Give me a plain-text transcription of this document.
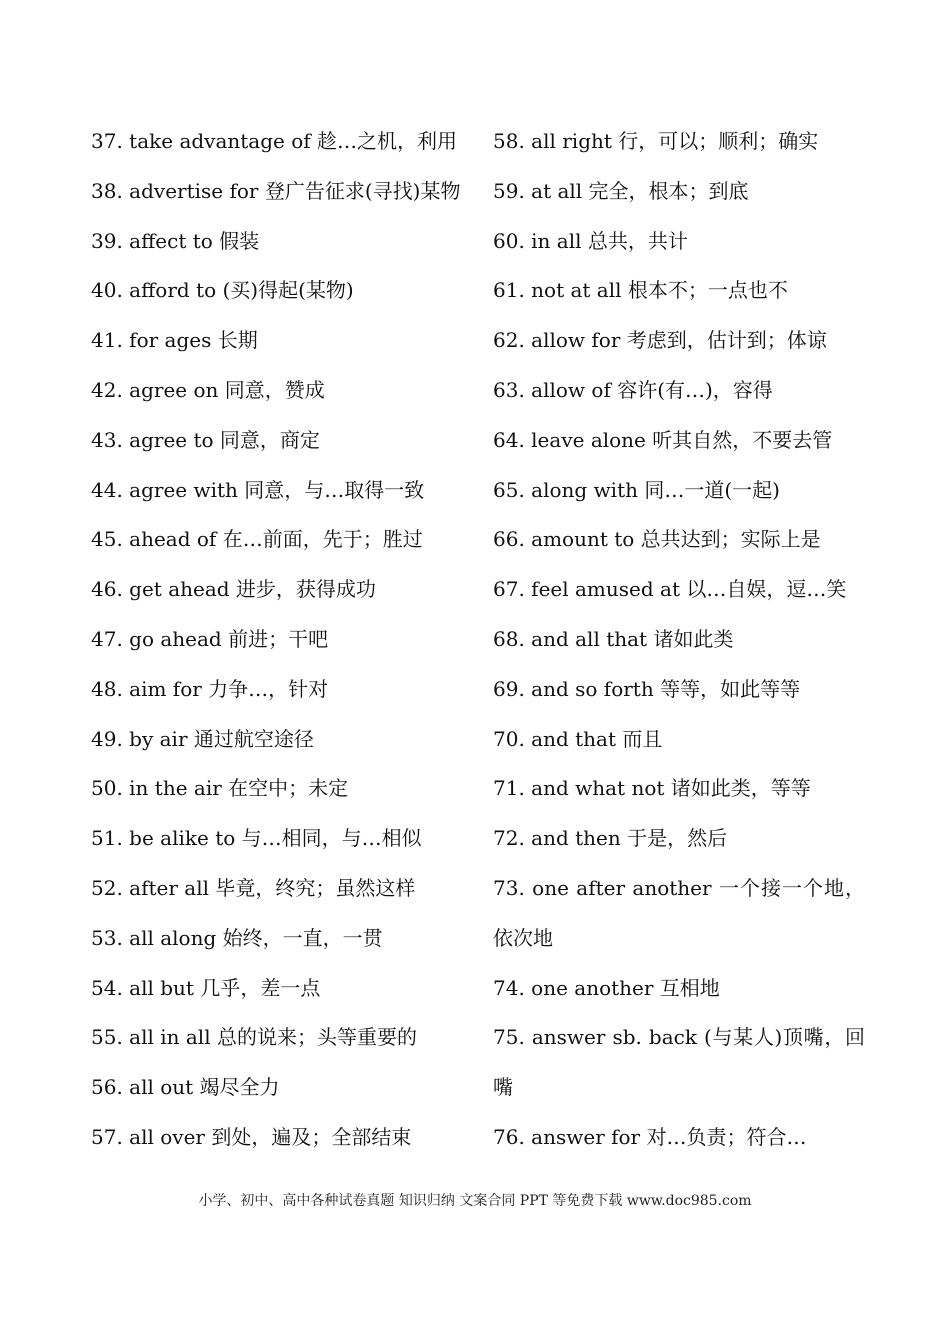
37. take advantage of 趁…之机，利用
38. advertise for 登广告征求(寻找)某物
39. affect to 假装
40. afford to (买)得起(某物)
41. for ages 长期
42. agree on 同意，赞成
43. agree to 同意，商定
44. agree with 同意，与…取得一致
45. ahead of 在…前面，先于；胜过
46. get ahead 进步，获得成功
47. go ahead 前进；干吧
48. aim for 力争…，针对
49. by air 通过航空途径
50. in the air 在空中；未定
51. be alike to 与…相同，与…相似
52. after all 毕竟，终究；虽然这样
53. all along 始终，一直，一贯
54. all but 几乎，差一点
55. all in all 总的说来；头等重要的
56. all out 竭尽全力
57. all over 到处，遍及；全部结束
58. all right 行，可以；顺利；确实
59. at all 完全，根本；到底
60. in all 总共，共计
61. not at all 根本不；一点也不
62. allow for 考虑到，估计到；体谅
63. allow of 容许(有…)，容得
64. leave alone 听其自然，不要去管
65. along with 同…一道(一起)
66. amount to 总共达到；实际上是
67. feel amused at 以…自娱，逗…笑
68. and all that 诸如此类
69. and so forth 等等，如此等等
70. and that 而且
71. and what not 诸如此类，等等
72. and then 于是，然后
73. one after another 一个接一个地，依次地
74. one another 互相地
75. answer sb. back (与某人)顶嘴，回嘴
76. answer for 对…负责；符合…
小学、初中、高中各种试卷真题 知识归纳 文案合同 PPT 等免费下载 www.doc985.com
